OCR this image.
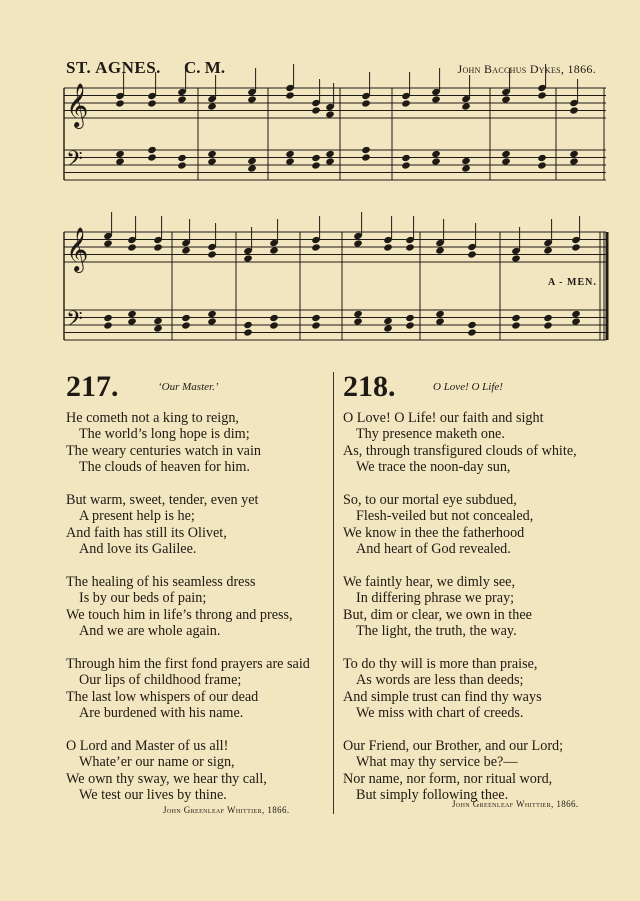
ST. AGNES. C. M.	John Bacchus Dykes, 1866.
𝄞
𝄢
𝄞
𝄢
A - MEN.
217.	‘Our Master.’	218.	O Love! O Life!
He cometh not a king to reign,
The world’s long hope is dim;
The weary centuries watch in vain
The clouds of heaven for him.
But warm, sweet, tender, even yet
A present help is he;
And faith has still its Olivet,
And love its Galilee.
The healing of his seamless dress
Is by our beds of pain;
We touch him in life’s throng and press,
And we are whole again.
Through him the first fond prayers are said
Our lips of childhood frame;
The last low whispers of our dead
Are burdened with his name.
O Lord and Master of us all!
Whate’er our name or sign,
We own thy sway, we hear thy call,
We test our lives by thine.
John Greenleaf Whittier, 1866.
O Love! O Life! our faith and sight
Thy presence maketh one.
As, through transfigured clouds of white,
We trace the noon-day sun,
So, to our mortal eye subdued,
Flesh-veiled but not concealed,
We know in thee the fatherhood
And heart of God revealed.
We faintly hear, we dimly see,
In differing phrase we pray;
But, dim or clear, we own in thee
The light, the truth, the way.
To do thy will is more than praise,
As words are less than deeds;
And simple trust can find thy ways
We miss with chart of creeds.
Our Friend, our Brother, and our Lord;
What may thy service be?—
Nor name, nor form, nor ritual word,
But simply following thee.
John Greenleaf Whittier, 1866.
